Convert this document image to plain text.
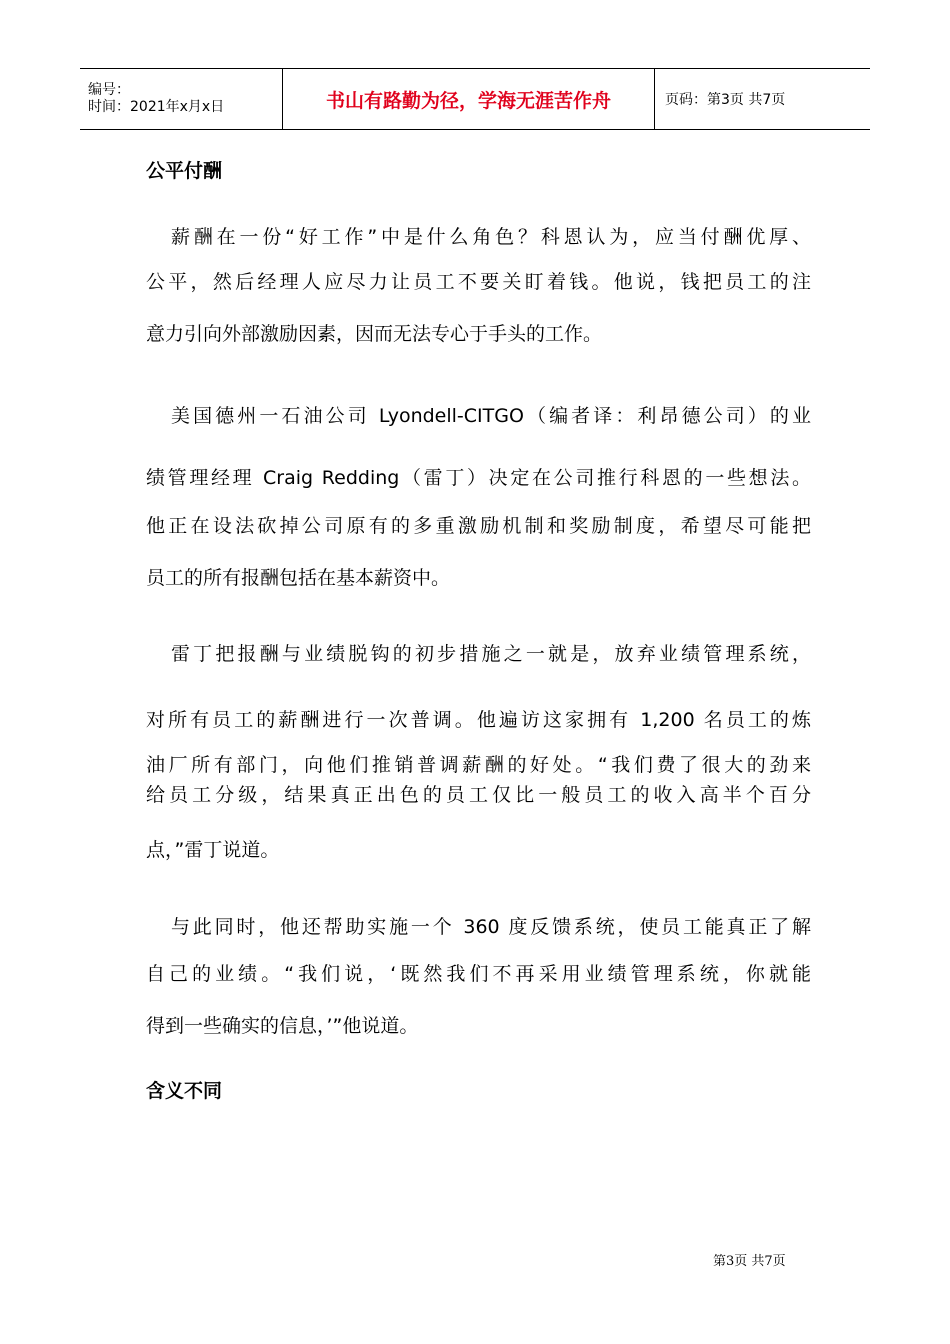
编号：
时间：2021年x月x日	书山有路勤为径，学海无涯苦作舟	页码：第3页 共7页
公平付酬
薪酬在一份“好工作”中是什么角色？科恩认为，应当付酬优厚、
公平，然后经理人应尽力让员工不要关盯着钱。他说，钱把员工的注
意力引向外部激励因素，因而无法专心于手头的工作。
美国德州一石油公司 Lyondell-CITGO（编者译：利昂德公司）的业
绩管理经理 Craig Redding（雷丁）决定在公司推行科恩的一些想法。
他正在设法砍掉公司原有的多重激励机制和奖励制度，希望尽可能把
员工的所有报酬包括在基本薪资中。
雷丁把报酬与业绩脱钩的初步措施之一就是，放弃业绩管理系统，
对所有员工的薪酬进行一次普调。他遍访这家拥有 1,200 名员工的炼
油厂所有部门，向他们推销普调薪酬的好处。“我们费了很大的劲来
给员工分级，结果真正出色的员工仅比一般员工的收入高半个百分
点，”雷丁说道。
与此同时，他还帮助实施一个 360 度反馈系统，使员工能真正了解
自己的业绩。“我们说，‘既然我们不再采用业绩管理系统，你就能
得到一些确实的信息，’”他说道。
含义不同
第3页 共7页
